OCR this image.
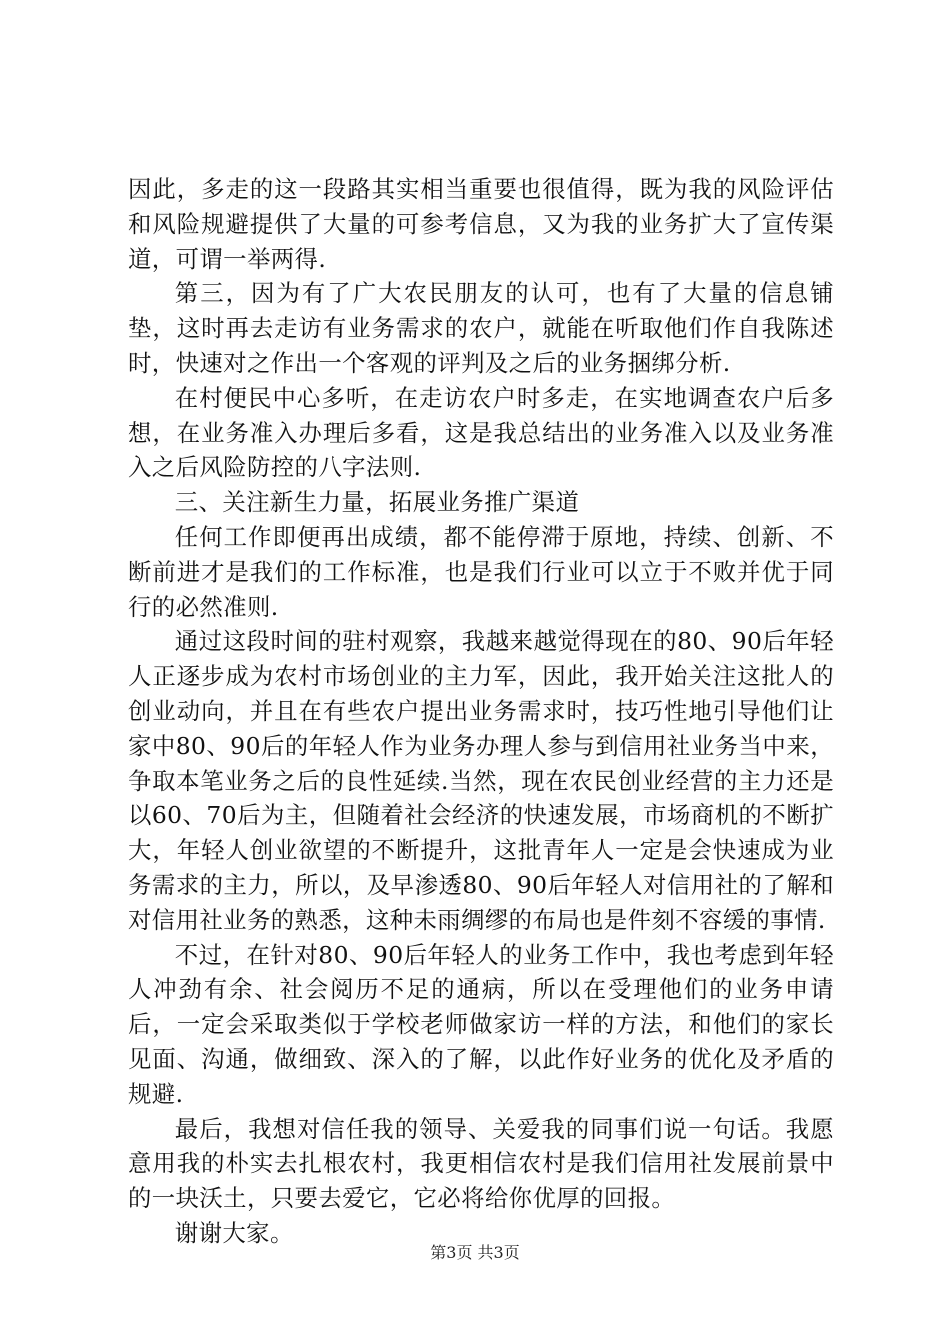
因此，多走的这一段路其实相当重要也很值得，既为我的风险评估和风险规避提供了大量的可参考信息，又为我的业务扩大了宣传渠道，可谓一举两得.

第三，因为有了广大农民朋友的认可，也有了大量的信息铺垫，这时再去走访有业务需求的农户，就能在听取他们作自我陈述时，快速对之作出一个客观的评判及之后的业务捆绑分析.

在村便民中心多听，在走访农户时多走，在实地调查农户后多想，在业务准入办理后多看，这是我总结出的业务准入以及业务准入之后风险防控的八字法则.

三、关注新生力量，拓展业务推广渠道

任何工作即便再出成绩，都不能停滞于原地，持续、创新、不断前进才是我们的工作标准，也是我们行业可以立于不败并优于同行的必然准则.

通过这段时间的驻村观察，我越来越觉得现在的80、90后年轻人正逐步成为农村市场创业的主力军，因此，我开始关注这批人的创业动向，并且在有些农户提出业务需求时，技巧性地引导他们让家中80、90后的年轻人作为业务办理人参与到信用社业务当中来，争取本笔业务之后的良性延续.当然，现在农民创业经营的主力还是以60、70后为主，但随着社会经济的快速发展，市场商机的不断扩大，年轻人创业欲望的不断提升，这批青年人一定是会快速成为业务需求的主力，所以，及早渗透80、90后年轻人对信用社的了解和对信用社业务的熟悉，这种未雨绸缪的布局也是件刻不容缓的事情.

不过，在针对80、90后年轻人的业务工作中，我也考虑到年轻人冲劲有余、社会阅历不足的通病，所以在受理他们的业务申请后，一定会采取类似于学校老师做家访一样的方法，和他们的家长见面、沟通，做细致、深入的了解，以此作好业务的优化及矛盾的规避.

最后，我想对信任我的领导、关爱我的同事们说一句话。我愿意用我的朴实去扎根农村，我更相信农村是我们信用社发展前景中的一块沃土，只要去爱它，它必将给你优厚的回报。

谢谢大家。

第3页 共3页
